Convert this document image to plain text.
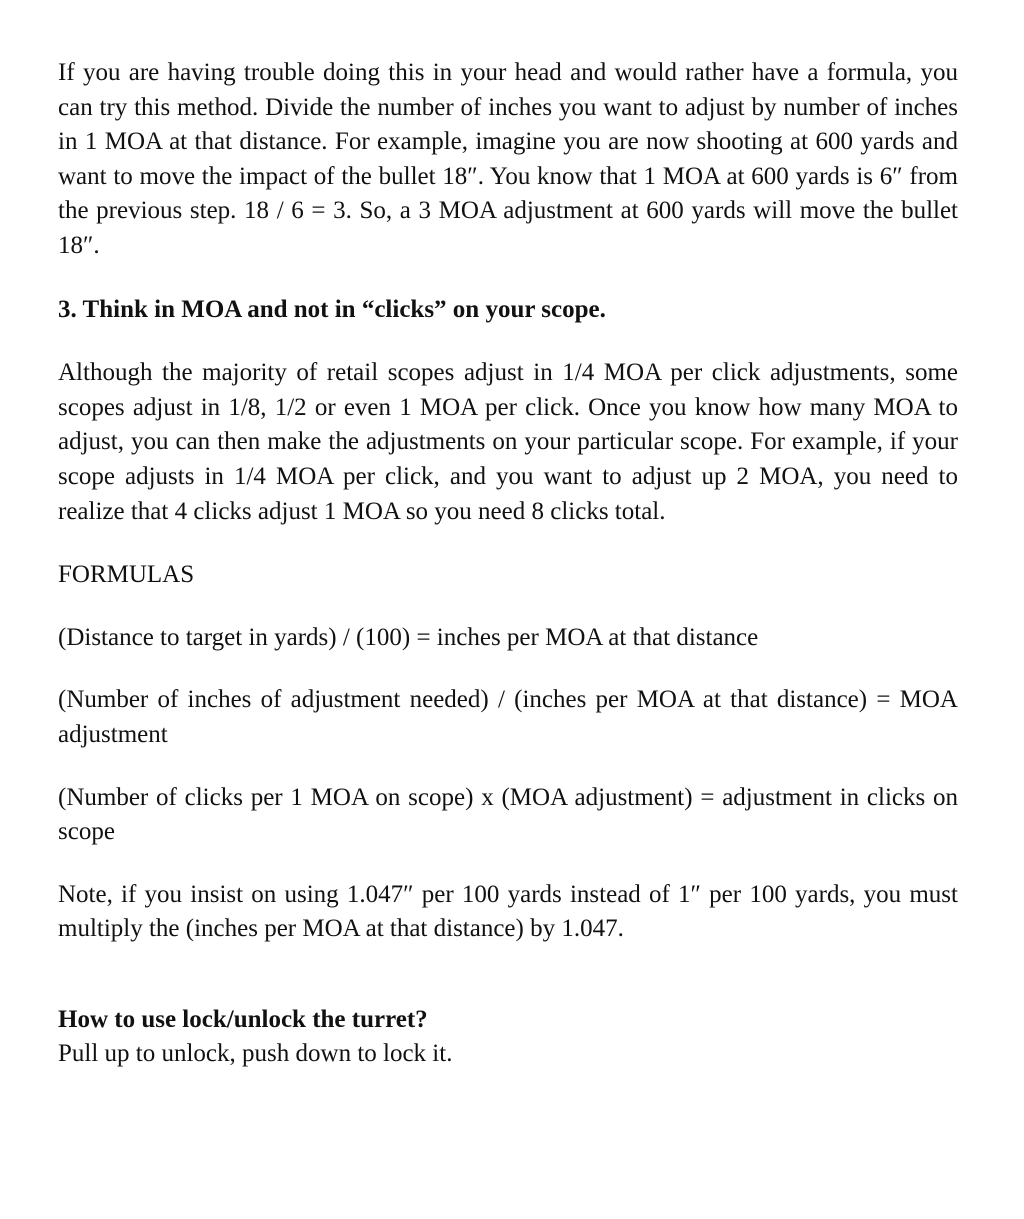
If you are having trouble doing this in your head and would rather have a formula, you can try this method. Divide the number of inches you want to adjust by number of inches in 1 MOA at that distance. For example, imagine you are now shooting at 600 yards and want to move the impact of the bullet 18″. You know that 1 MOA at 600 yards is 6″ from the previous step. 18 / 6 = 3. So, a 3 MOA adjustment at 600 yards will move the bullet 18″.

3. Think in MOA and not in “clicks” on your scope.

Although the majority of retail scopes adjust in 1/4 MOA per click adjustments, some scopes adjust in 1/8, 1/2 or even 1 MOA per click. Once you know how many MOA to adjust, you can then make the adjustments on your particular scope. For example, if your scope adjusts in 1/4 MOA per click, and you want to adjust up 2 MOA, you need to realize that 4 clicks adjust 1 MOA so you need 8 clicks total.

FORMULAS

(Distance to target in yards) / (100) = inches per MOA at that distance

(Number of inches of adjustment needed) / (inches per MOA at that distance) = MOA adjustment

(Number of clicks per 1 MOA on scope) x (MOA adjustment) = adjustment in clicks on scope

Note, if you insist on using 1.047″ per 100 yards instead of 1″ per 100 yards, you must multiply the (inches per MOA at that distance) by 1.047.

How to use lock/unlock the turret?

Pull up to unlock, push down to lock it.
